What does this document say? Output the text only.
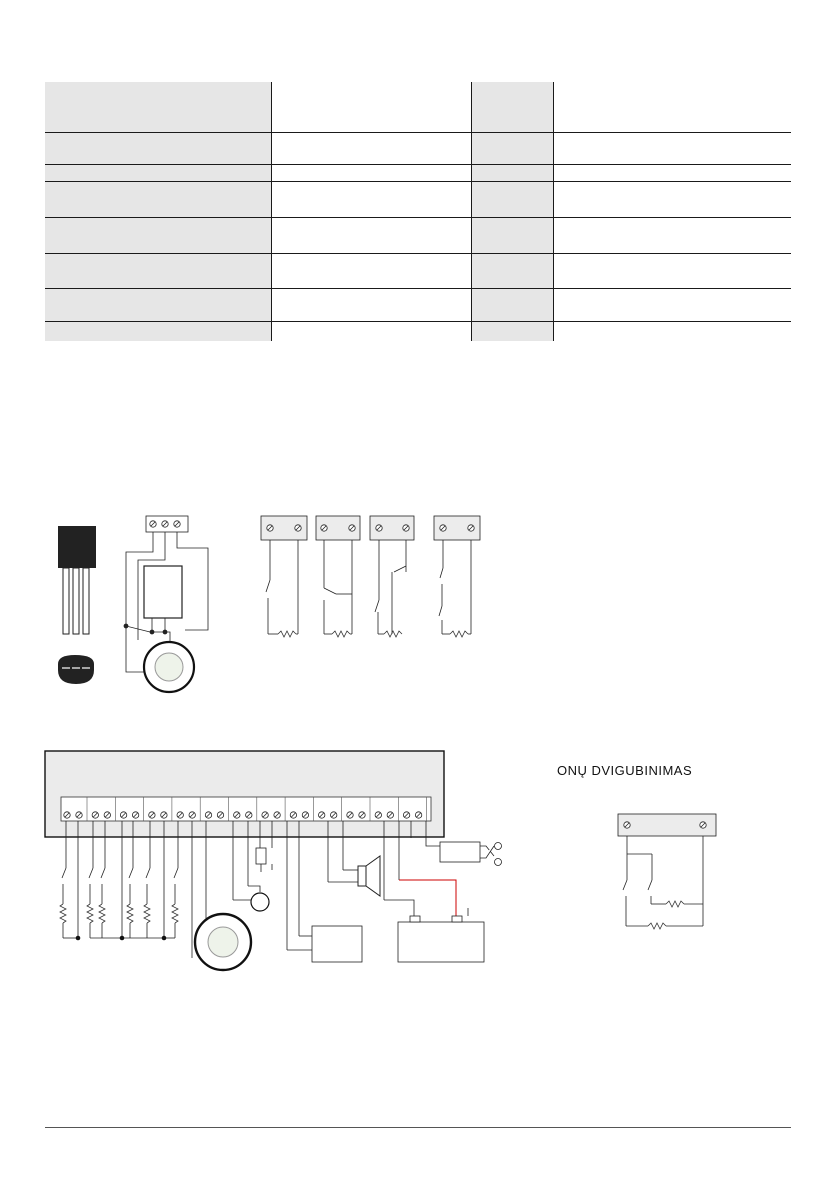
ONŲ DVIGUBINIMAS
